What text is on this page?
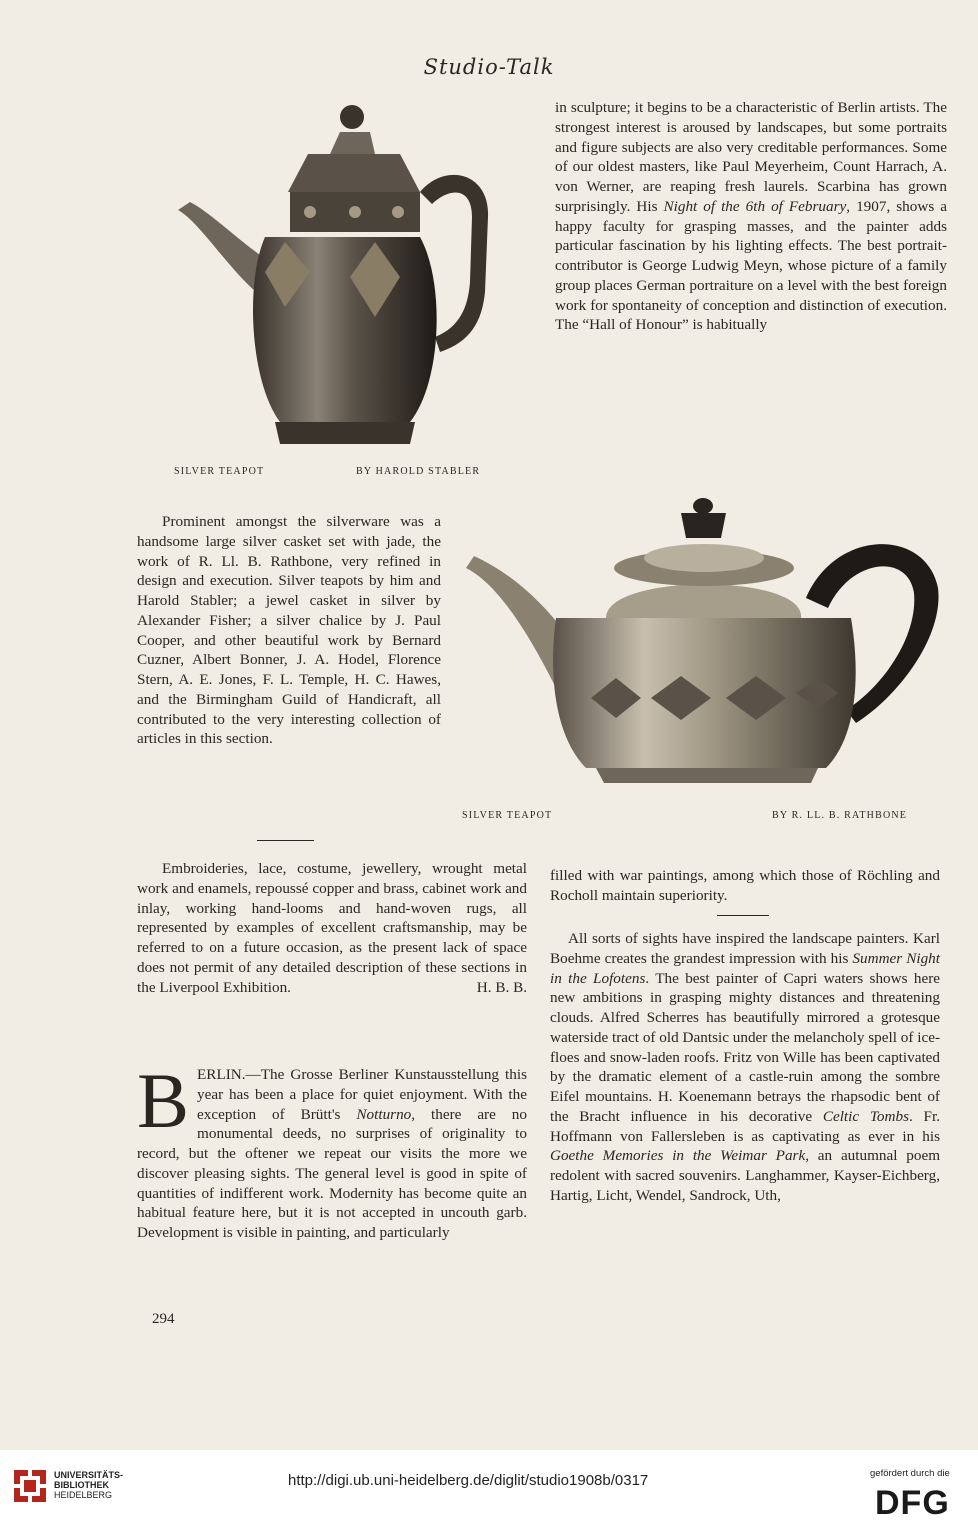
Studio-Talk
SILVER TEAPOT	BY HAROLD STABLER

in sculpture; it begins to be a characteristic of Berlin artists. The strongest interest is aroused by landscapes, but some portraits and figure subjects are also very creditable performances. Some of our oldest masters, like Paul Meyerheim, Count Harrach, A. von Werner, are reaping fresh laurels. Scarbina has grown surprisingly. His Night of the 6th of February, 1907, shows a happy faculty for grasping masses, and the painter adds particular fascination by his lighting effects. The best portrait-contributor is George Ludwig Meyn, whose picture of a family group places German portraiture on a level with the best foreign work for spontaneity of conception and distinction of execution. The “Hall of Honour” is habitually

Prominent amongst the silverware was a handsome large silver casket set with jade, the work of R. Ll. B. Rathbone, very refined in design and execution. Silver teapots by him and Harold Stabler; a jewel casket in silver by Alexander Fisher; a silver chalice by J. Paul Cooper, and other beautiful work by Bernard Cuzner, Albert Bonner, J. A. Hodel, Florence Stern, A. E. Jones, F. L. Temple, H. C. Hawes, and the Birmingham Guild of Handicraft, all contributed to the very interesting collection of articles in this section.

SILVER TEAPOT	BY R. LL. B. RATHBONE

Embroideries, lace, costume, jewellery, wrought metal work and enamels, repoussé copper and brass, cabinet work and inlay, working hand-looms and hand-woven rugs, all represented by examples of excellent craftsmanship, may be referred to on a future occasion, as the present lack of space does not permit of any detailed description of these sections in the Liverpool Exhibition.	H. B. B.

BERLIN.—The Grosse Berliner Kunstausstellung this year has been a place for quiet enjoyment. With the exception of Brütt's Notturno, there are no monumental deeds, no surprises of originality to record, but the oftener we repeat our visits the more we discover pleasing sights. The general level is good in spite of quantities of indifferent work. Modernity has become quite an habitual feature here, but it is not accepted in uncouth garb. Development is visible in painting, and particularly

294

filled with war paintings, among which those of Röchling and Rocholl maintain superiority.

All sorts of sights have inspired the landscape painters. Karl Boehme creates the grandest impression with his Summer Night in the Lofotens. The best painter of Capri waters shows here new ambitions in grasping mighty distances and threatening clouds. Alfred Scherres has beautifully mirrored a grotesque waterside tract of old Dantsic under the melancholy spell of ice-floes and snow-laden roofs. Fritz von Wille has been captivated by the dramatic element of a castle-ruin among the sombre Eifel mountains. H. Koenemann betrays the rhapsodic bent of the Bracht influence in his decorative Celtic Tombs. Fr. Hoffmann von Fallersleben is as captivating as ever in his Goethe Memories in the Weimar Park, an autumnal poem redolent with sacred souvenirs. Langhammer, Kayser-Eichberg, Hartig, Licht, Wendel, Sandrock, Uth,

UNIVERSITÄTS-
BIBLIOTHEK
HEIDELBERG
http://digi.ub.uni-heidelberg.de/diglit/studio1908b/0317	gefördert durch die
DFG
